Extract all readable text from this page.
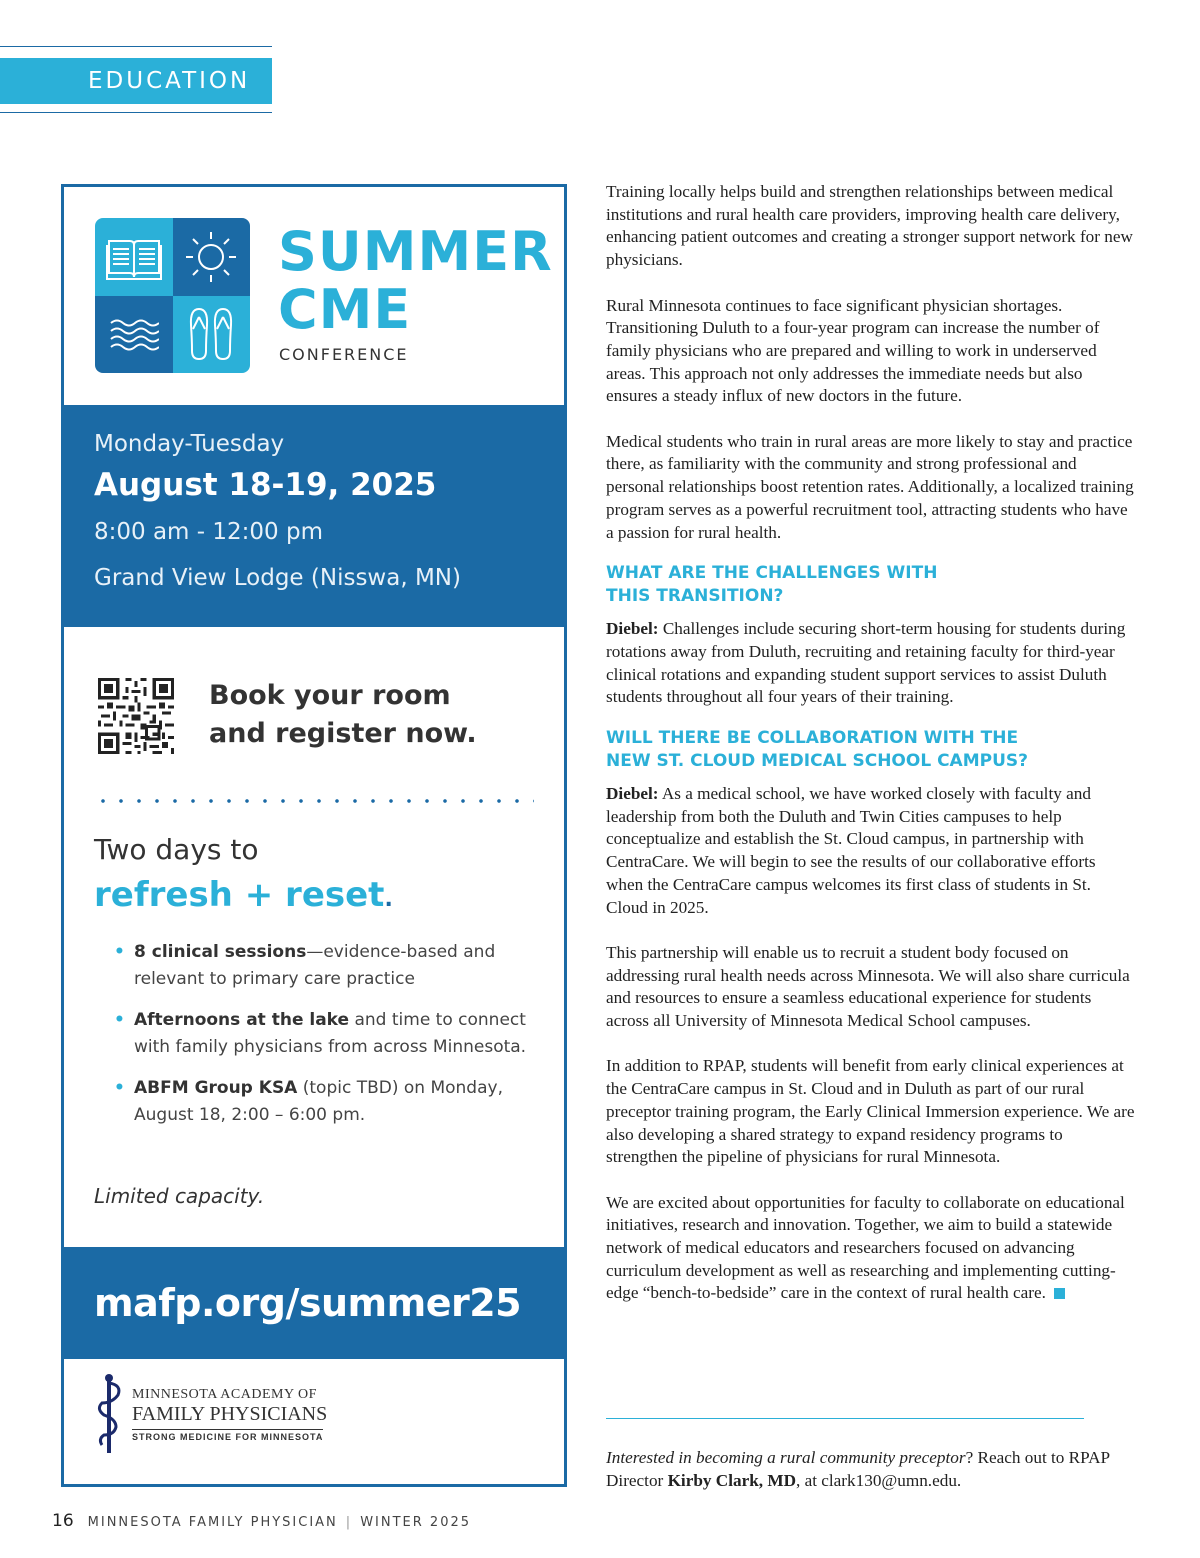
EDUCATION
SUMMER
CME
CONFERENCE
Monday-Tuesday
August 18-19, 2025
8:00 am - 12:00 pm
Grand View Lodge (Nisswa, MN)
Book your room
and register now.
Two days to
refresh + reset.
• 8 clinical sessions—evidence-based and relevant to primary care practice
• Afternoons at the lake and time to connect with family physicians from across Minnesota.
• ABFM Group KSA (topic TBD) on Monday, August 18, 2:00 – 6:00 pm.
Limited capacity.
mafp.org/summer25
MINNESOTA ACADEMY OF
FAMILY PHYSICIANS
STRONG MEDICINE FOR MINNESOTA

Training locally helps build and strengthen relationships between medical institutions and rural health care providers, improving health care delivery, enhancing patient outcomes and creating a stronger support network for new physicians.

Rural Minnesota continues to face significant physician shortages. Transitioning Duluth to a four-year program can increase the number of family physicians who are prepared and willing to work in underserved areas. This approach not only addresses the immediate needs but also ensures a steady influx of new doctors in the future.

Medical students who train in rural areas are more likely to stay and practice there, as familiarity with the community and strong professional and personal relationships boost retention rates. Additionally, a localized training program serves as a powerful recruitment tool, attracting students who have a passion for rural health.

WHAT ARE THE CHALLENGES WITH
THIS TRANSITION?

Diebel: Challenges include securing short-term housing for students during rotations away from Duluth, recruiting and retaining faculty for third-year clinical rotations and expanding student support services to assist Duluth students throughout all four years of their training.

WILL THERE BE COLLABORATION WITH THE
NEW ST. CLOUD MEDICAL SCHOOL CAMPUS?

Diebel: As a medical school, we have worked closely with faculty and leadership from both the Duluth and Twin Cities campuses to help conceptualize and establish the St. Cloud campus, in partnership with CentraCare. We will begin to see the results of our collaborative efforts when the CentraCare campus welcomes its first class of students in St. Cloud in 2025.

This partnership will enable us to recruit a student body focused on addressing rural health needs across Minnesota. We will also share curricula and resources to ensure a seamless educational experience for students across all University of Minnesota Medical School campuses.

In addition to RPAP, students will benefit from early clinical experiences at the CentraCare campus in St. Cloud and in Duluth as part of our rural preceptor training program, the Early Clinical Immersion experience. We are also developing a shared strategy to expand residency programs to strengthen the pipeline of physicians for rural Minnesota.

We are excited about opportunities for faculty to collaborate on educational initiatives, research and innovation. Together, we aim to build a statewide network of medical educators and researchers focused on advancing curriculum development as well as researching and implementing cutting-edge “bench-to-bedside” care in the context of rural health care.

Interested in becoming a rural community preceptor? Reach out to RPAP Director Kirby Clark, MD, at clark130@umn.edu.
16 MINNESOTA FAMILY PHYSICIAN | WINTER 2025
